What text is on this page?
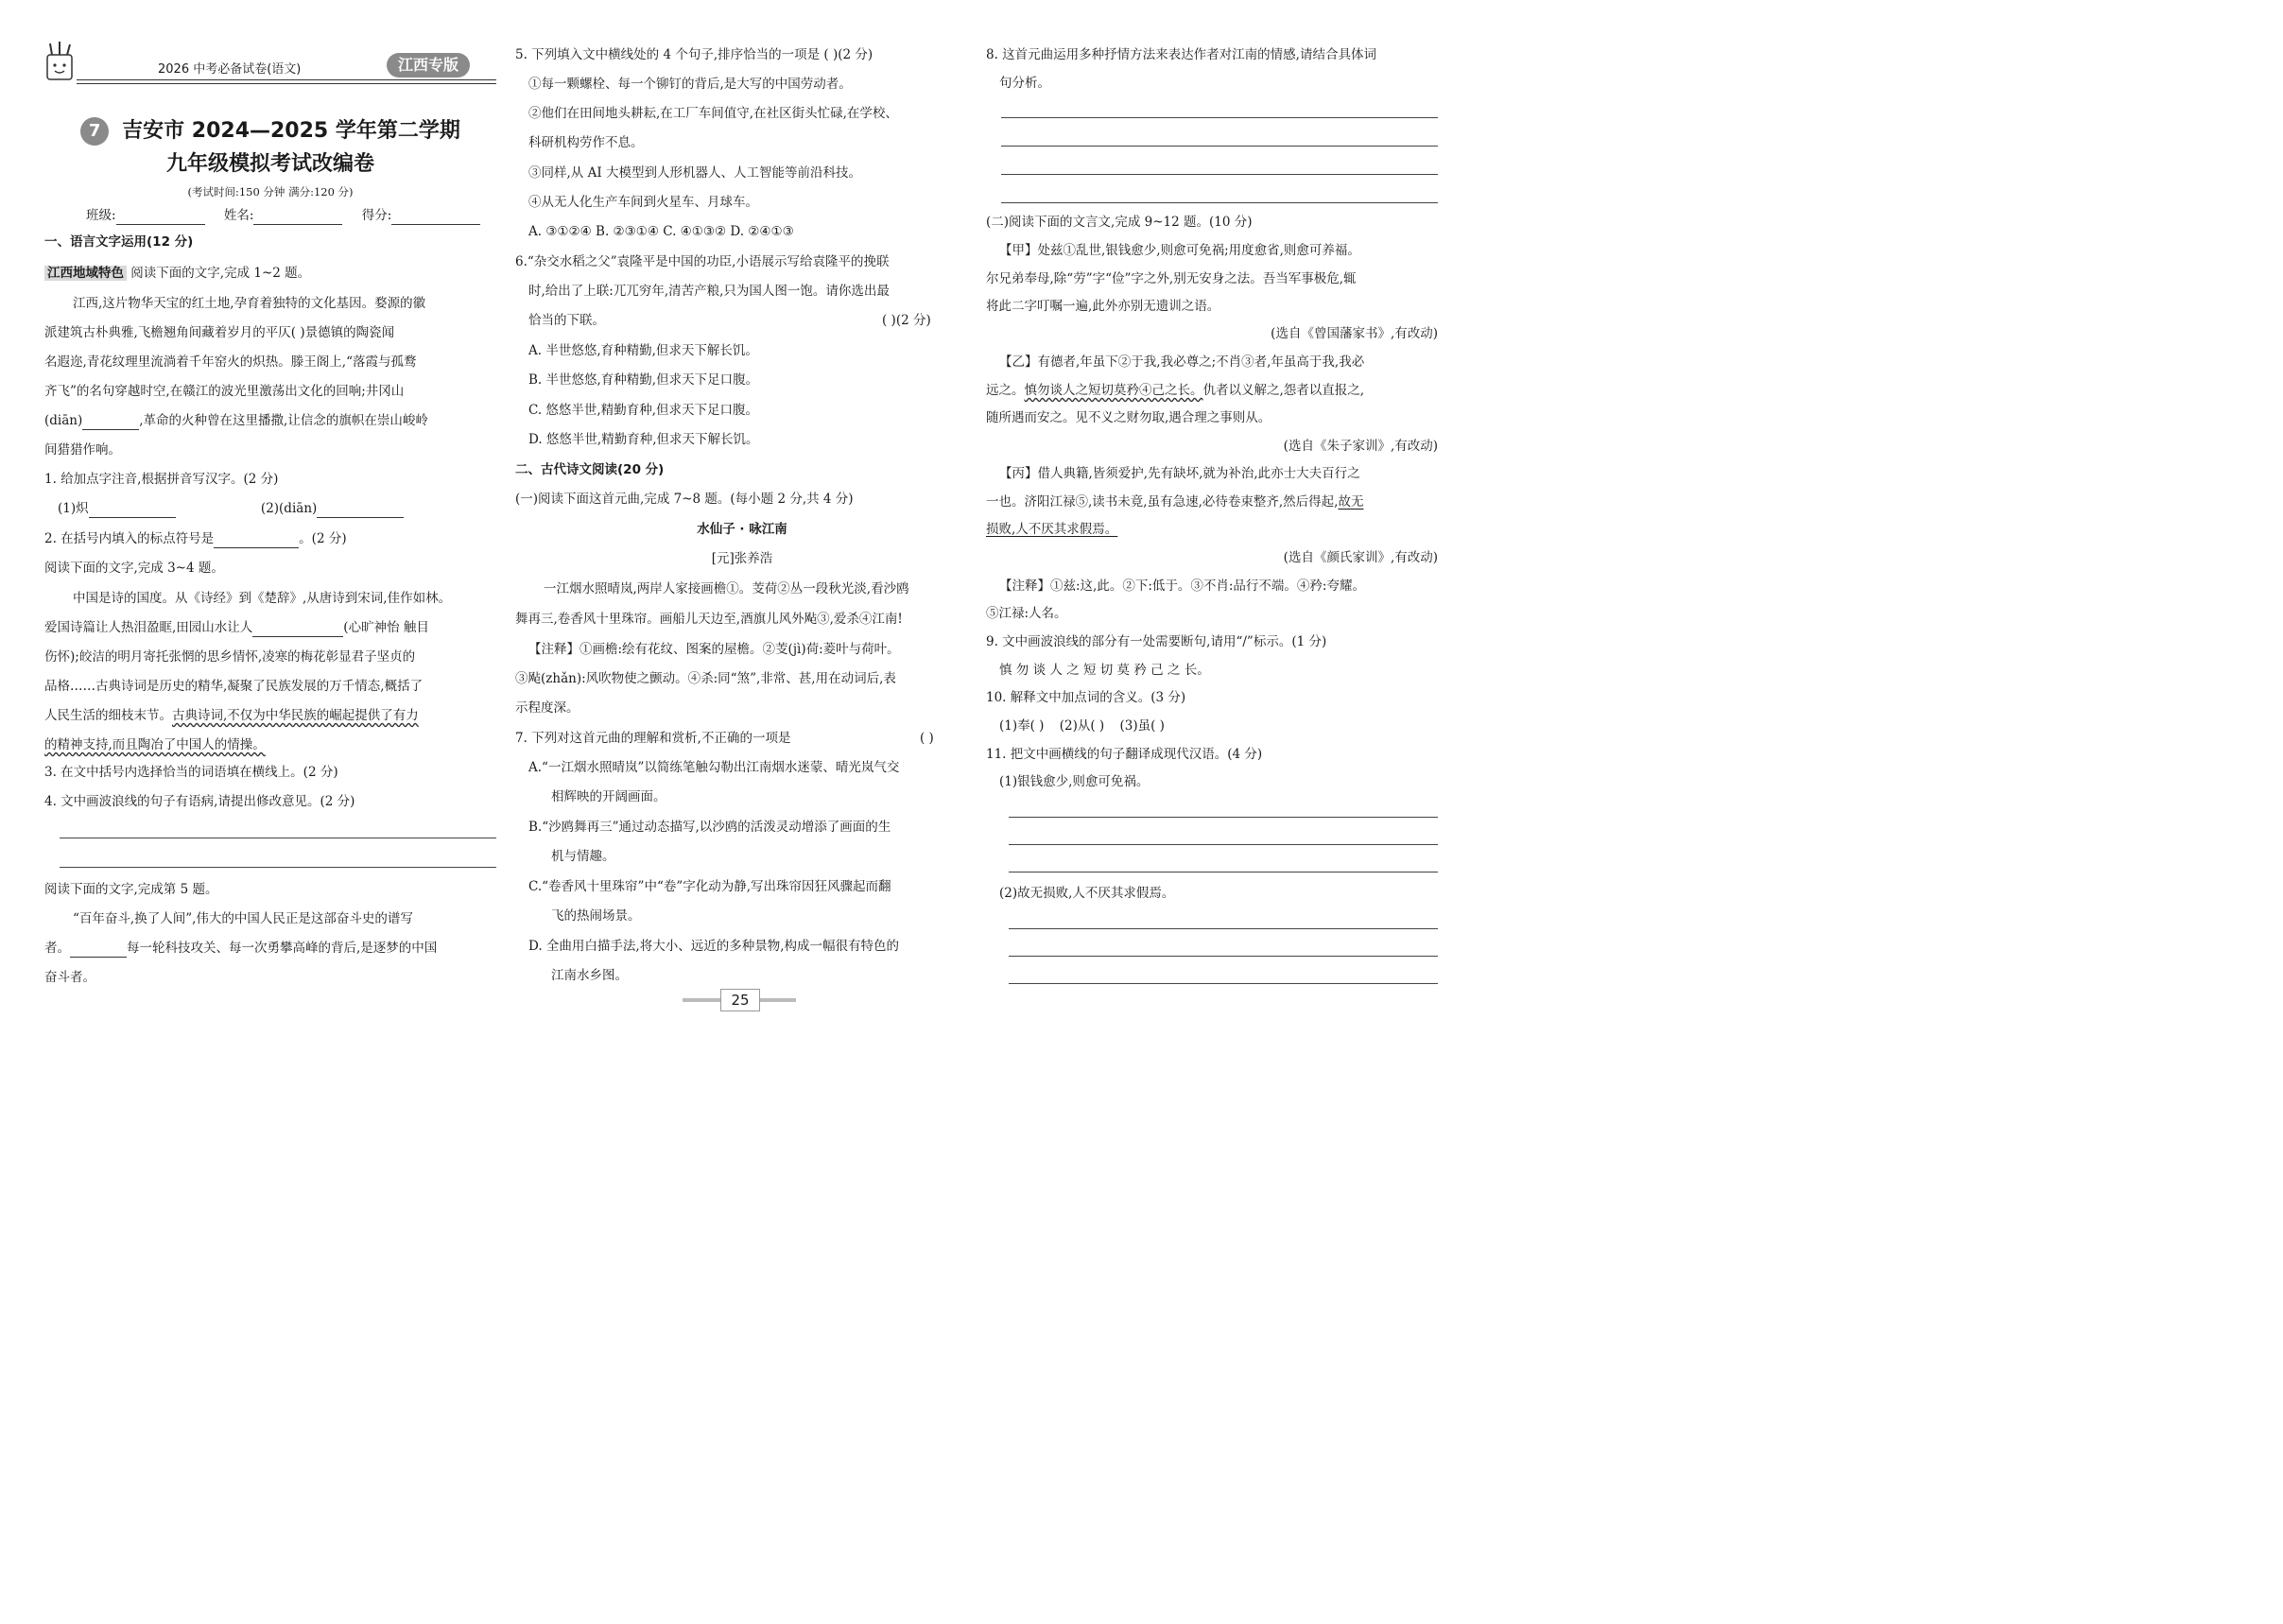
2026 中考必备试卷(语文)	江西专版
7 吉安市 2024—2025 学年第二学期
九年级模拟考试改编卷
(考试时间:150 分钟 满分:120 分)
班级:	姓名:	得分:
一、语言文字运用(12 分)
江西地域特色 阅读下面的文字,完成 1~2 题。
江西,这片物华天宝的红土地,孕育着独特的文化基因。婺源的徽
派建筑古朴典雅,飞檐翘角间藏着岁月的平仄( )景德镇的陶瓷闻
名遐迩,青花纹理里流淌着千年窑火的炽热。滕王阁上,“落霞与孤鹜
齐飞”的名句穿越时空,在赣江的波光里激荡出文化的回响;井冈山
(diān)	,革命的火种曾在这里播撒,让信念的旗帜在崇山峻岭
间猎猎作响。
1. 给加点字注音,根据拼音写汉字。(2 分)
(1)炽	(2)(diān)
2. 在括号内填入的标点符号是	。(2 分)
阅读下面的文字,完成 3~4 题。
中国是诗的国度。从《诗经》到《楚辞》,从唐诗到宋词,佳作如林。
爱国诗篇让人热泪盈眶,田园山水让人	(心旷神怡 触目
伤怀);皎洁的明月寄托张惘的思乡情怀,凌寒的梅花彰显君子坚贞的
品格……古典诗词是历史的精华,凝聚了民族发展的万千情态,概括了
人民生活的细枝末节。古典诗词,不仅为中华民族的崛起提供了有力
的精神支持,而且陶冶了中国人的情操。
3. 在文中括号内选择恰当的词语填在横线上。(2 分)
4. 文中画波浪线的句子有语病,请提出修改意见。(2 分)
阅读下面的文字,完成第 5 题。
“百年奋斗,换了人间”,伟大的中国人民正是这部奋斗史的谱写
者。	每一轮科技攻关、每一次勇攀高峰的背后,是逐梦的中国
奋斗者。
5. 下列填入文中横线处的 4 个句子,排序恰当的一项是 ( )(2 分)
①每一颗螺栓、每一个铆钉的背后,是大写的中国劳动者。
②他们在田间地头耕耘,在工厂车间值守,在社区街头忙碌,在学校、
科研机构劳作不息。
③同样,从 AI 大模型到人形机器人、人工智能等前沿科技。
④从无人化生产车间到火星车、月球车。
A. ③①②④ B. ②③①④ C. ④①③② D. ②④①③
6.“杂交水稻之父”袁隆平是中国的功臣,小语展示写给袁隆平的挽联
时,给出了上联:兀兀穷年,清苦产粮,只为国人图一饱。请你选出最
恰当的下联。	( )(2 分)
A. 半世悠悠,育种精勤,但求天下解长饥。
B. 半世悠悠,育种精勤,但求天下足口腹。
C. 悠悠半世,精勤育种,但求天下足口腹。
D. 悠悠半世,精勤育种,但求天下解长饥。
二、古代诗文阅读(20 分)
(一)阅读下面这首元曲,完成 7~8 题。(每小题 2 分,共 4 分)
水仙子 · 咏江南
[元]张养浩
一江烟水照晴岚,两岸人家接画檐①。芰荷②丛一段秋光淡,看沙鸥
舞再三,卷香风十里珠帘。画船儿天边至,酒旗儿风外飐③,爱杀④江南!
【注释】①画檐:绘有花纹、图案的屋檐。②芰(jì)荷:菱叶与荷叶。
③飐(zhǎn):风吹物使之颤动。④杀:同“煞”,非常、甚,用在动词后,表
示程度深。
7. 下列对这首元曲的理解和赏析,不正确的一项是	( )
A.“一江烟水照晴岚”以简练笔触勾勒出江南烟水迷蒙、晴光岚气交
相辉映的开阔画面。
B.“沙鸥舞再三”通过动态描写,以沙鸥的活泼灵动增添了画面的生
机与情趣。
C.“卷香风十里珠帘”中“卷”字化动为静,写出珠帘因狂风骤起而翻
飞的热闹场景。
D. 全曲用白描手法,将大小、远近的多种景物,构成一幅很有特色的
江南水乡图。
8. 这首元曲运用多种抒情方法来表达作者对江南的情感,请结合具体词
句分析。
(二)阅读下面的文言文,完成 9~12 题。(10 分)
【甲】处兹①乱世,银钱愈少,则愈可免祸;用度愈省,则愈可养福。
尔兄弟奉母,除“劳”字“俭”字之外,别无安身之法。吾当军事极危,辄
将此二字叮嘱一遍,此外亦别无遗训之语。
(选自《曾国藩家书》,有改动)
【乙】有德者,年虽下②于我,我必尊之;不肖③者,年虽高于我,我必
远之。慎勿谈人之短切莫矜④己之长。仇者以义解之,怨者以直报之,
随所遇而安之。见不义之财勿取,遇合理之事则从。
(选自《朱子家训》,有改动)
【丙】借人典籍,皆须爱护,先有缺坏,就为补治,此亦士大夫百行之
一也。济阳江禄⑤,读书未竟,虽有急速,必待卷束整齐,然后得起,故无
损败,人不厌其求假焉。
(选自《颜氏家训》,有改动)
【注释】①兹:这,此。②下:低于。③不肖:品行不端。④矜:夸耀。
⑤江禄:人名。
9. 文中画波浪线的部分有一处需要断句,请用“/”标示。(1 分)
慎 勿 谈 人 之 短 切 莫 矜 己 之 长。
10. 解释文中加点词的含义。(3 分)
(1)奉( ) (2)从( ) (3)虽( )
11. 把文中画横线的句子翻译成现代汉语。(4 分)
(1)银钱愈少,则愈可免祸。
(2)故无损败,人不厌其求假焉。
25
